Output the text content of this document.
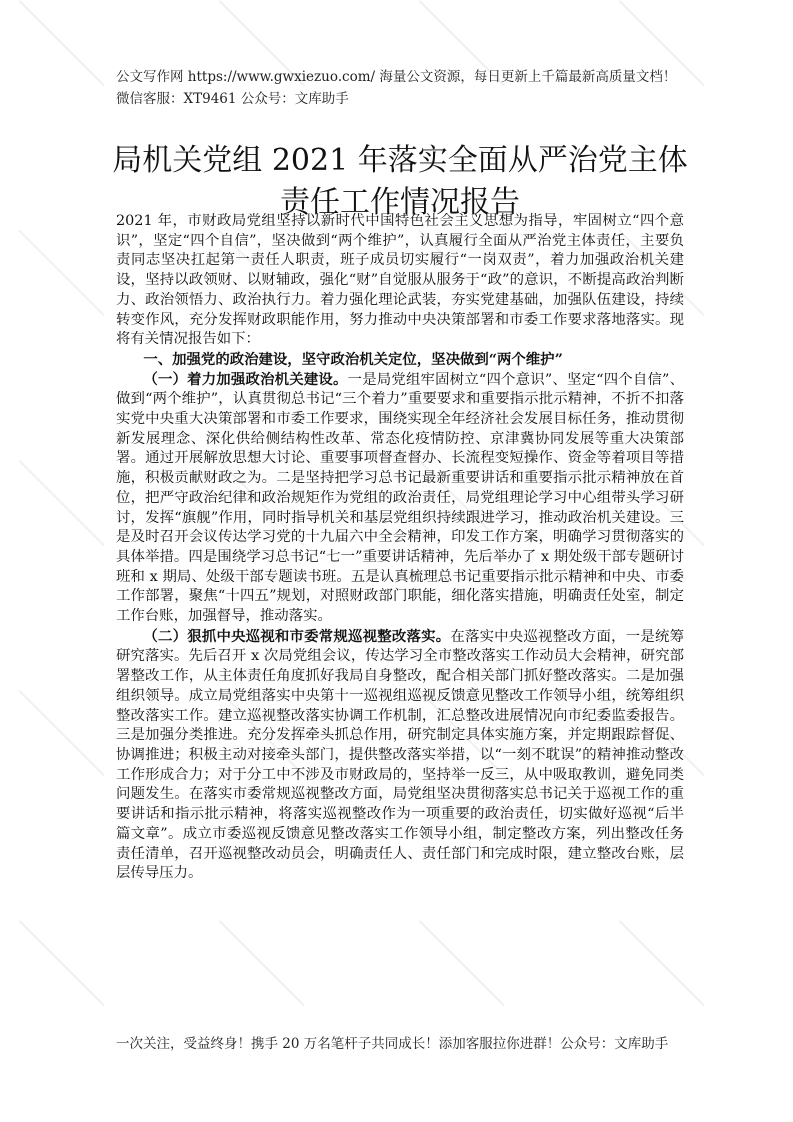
公文写作网 https://www.gwxiezuo.com/ 海量公文资源，每日更新上千篇最新高质量文档！微信客服：XT9461 公众号：文库助手
局机关党组 2021 年落实全面从严治党主体责任工作情况报告

2021 年，市财政局党组坚持以新时代中国特色社会主义思想为指导，牢固树立“四个意识”，坚定“四个自信”，坚决做到“两个维护”，认真履行全面从严治党主体责任，主要负责同志坚决扛起第一责任人职责，班子成员切实履行“一岗双责”，着力加强政治机关建设，坚持以政领财、以财辅政，强化“财”自觉服从服务于“政”的意识，不断提高政治判断力、政治领悟力、政治执行力。着力强化理论武装，夯实党建基础，加强队伍建设，持续转变作风，充分发挥财政职能作用，努力推动中央决策部署和市委工作要求落地落实。现将有关情况报告如下：

一、加强党的政治建设，坚守政治机关定位，坚决做到“两个维护”

（一）着力加强政治机关建设。一是局党组牢固树立“四个意识”、坚定“四个自信”、做到“两个维护”，认真贯彻总书记“三个着力”重要要求和重要指示批示精神，不折不扣落实党中央重大决策部署和市委工作要求，围绕实现全年经济社会发展目标任务，推动贯彻新发展理念、深化供给侧结构性改革、常态化疫情防控、京津冀协同发展等重大决策部署。通过开展解放思想大讨论、重要事项督查督办、长流程变短操作、资金等着项目等措施，积极贡献财政之为。二是坚持把学习总书记最新重要讲话和重要指示批示精神放在首位，把严守政治纪律和政治规矩作为党组的政治责任，局党组理论学习中心组带头学习研讨，发挥“旗舰”作用，同时指导机关和基层党组织持续跟进学习，推动政治机关建设。三是及时召开会议传达学习党的十九届六中全会精神，印发工作方案，明确学习贯彻落实的具体举措。四是围绕学习总书记“七一”重要讲话精神，先后举办了 x 期处级干部专题研讨班和 x 期局、处级干部专题读书班。五是认真梳理总书记重要指示批示精神和中央、市委工作部署，聚焦“十四五”规划，对照财政部门职能，细化落实措施，明确责任处室，制定工作台账，加强督导，推动落实。

（二）狠抓中央巡视和市委常规巡视整改落实。在落实中央巡视整改方面，一是统筹研究落实。先后召开 x 次局党组会议，传达学习全市整改落实工作动员大会精神，研究部署整改工作，从主体责任角度抓好我局自身整改，配合相关部门抓好整改落实。二是加强组织领导。成立局党组落实中央第十一巡视组巡视反馈意见整改工作领导小组，统筹组织整改落实工作。建立巡视整改落实协调工作机制，汇总整改进展情况向市纪委监委报告。三是加强分类推进。充分发挥牵头抓总作用，研究制定具体实施方案，并定期跟踪督促、协调推进；积极主动对接牵头部门，提供整改落实举措，以“一刻不耽误”的精神推动整改工作形成合力；对于分工中不涉及市财政局的，坚持举一反三，从中吸取教训，避免同类问题发生。在落实市委常规巡视整改方面，局党组坚决贯彻落实总书记关于巡视工作的重要讲话和指示批示精神，将落实巡视整改作为一项重要的政治责任，切实做好巡视“后半篇文章”。成立市委巡视反馈意见整改落实工作领导小组，制定整改方案，列出整改任务责任清单，召开巡视整改动员会，明确责任人、责任部门和完成时限，建立整改台账，层层传导压力。

一次关注，受益终身！携手 20 万名笔杆子共同成长！添加客服拉你进群！公众号：文库助手
